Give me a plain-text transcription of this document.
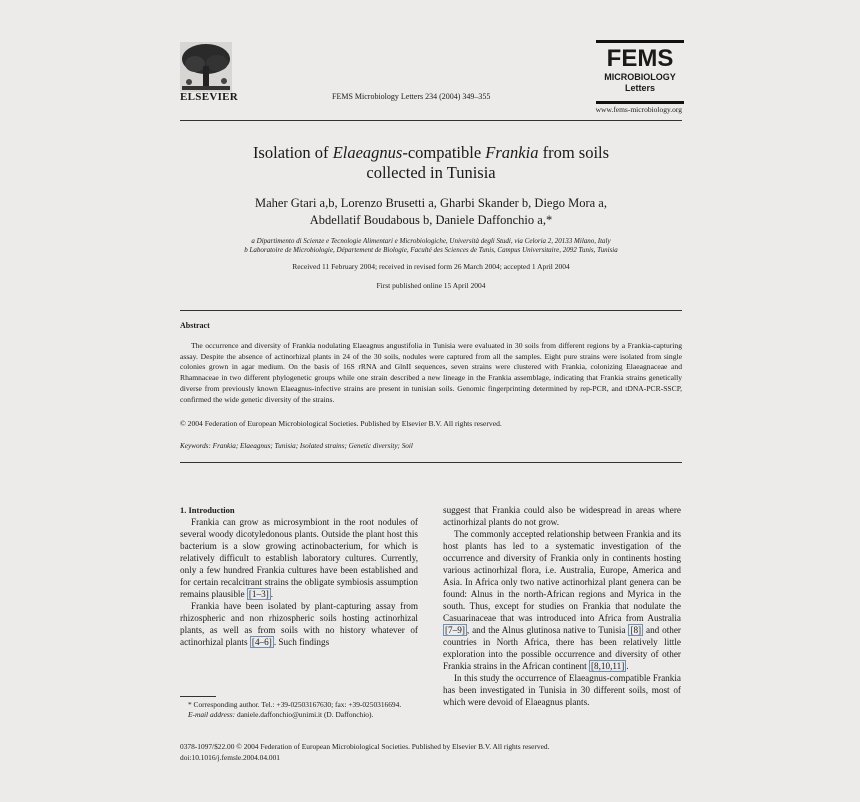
ELSEVIER	FEMS Microbiology Letters 234 (2004) 349–355
FEMS
MICROBIOLOGY
Letters
www.fems-microbiology.org
Isolation of Elaeagnus-compatible Frankia from soils
collected in Tunisia
Maher Gtari a,b, Lorenzo Brusetti a, Gharbi Skander b, Diego Mora a,
Abdellatif Boudabous b, Daniele Daffonchio a,*
a Dipartimento di Scienze e Tecnologie Alimentari e Microbiologiche, Università degli Studi, via Celoria 2, 20133 Milano, Italy
b Laboratoire de Microbiologie, Département de Biologie, Faculté des Sciences de Tunis, Campus Universitaire, 2092 Tunis, Tunisia
Received 11 February 2004; received in revised form 26 March 2004; accepted 1 April 2004
First published online 15 April 2004
Abstract

The occurrence and diversity of Frankia nodulating Elaeagnus angustifolia in Tunisia were evaluated in 30 soils from different regions by a Frankia-capturing assay. Despite the absence of actinorhizal plants in 24 of the 30 soils, nodules were captured from all the samples. Eight pure strains were isolated from single colonies grown in agar medium. On the basis of 16S rRNA and GlnII sequences, seven strains were clustered with Frankia, colonizing Elaeagnaceae and Rhamnaceae in two different phylogenetic groups while one strain described a new lineage in the Frankia assemblage, indicating that Frankia strains genetically diverse from previously known Elaeagnus-infective strains are present in tunisian soils. Genomic fingerprinting determined by rep-PCR, and tDNA-PCR-SSCP, confirmed the wide genetic diversity of the strains.

© 2004 Federation of European Microbiological Societies. Published by Elsevier B.V. All rights reserved.
Keywords: Frankia; Elaeagnus; Tunisia; Isolated strains; Genetic diversity; Soil

1. Introduction

Frankia can grow as microsymbiont in the root nodules of several woody dicotyledonous plants. Outside the plant host this bacterium is a slow growing actinobacterium, for which is relatively difficult to establish laboratory cultures. Currently, only a few hundred Frankia cultures have been established and for certain recalcitrant strains the obligate symbiosis assumption remains plausible [1–3] .

Frankia have been isolated by plant-capturing assay from rhizospheric and non rhizospheric soils hosting actinorhizal plants, as well as from soils with no history whatever of actinorhizal plants [4–6] . Such findings

suggest that Frankia could also be widespread in areas where actinorhizal plants do not grow.

The commonly accepted relationship between Frankia and its host plants has led to a systematic investigation of the occurrence and diversity of Frankia only in continents hosting various actinorhizal flora, i.e. Australia, Europe, America and Asia. In Africa only two native actinorhizal plant genera can be found: Alnus in the north-African regions and Myrica in the south. Thus, except for studies on Frankia that nodulate the Casuarinaceae that was introduced into Africa from Australia [7–9] , and the Alnus glutinosa native to Tunisia [8] and other countries in North Africa, there has been relatively little exploration into the possible occurrence and diversity of other Frankia strains in the African continent [8,10,11] .

In this study the occurrence of Elaeagnus-compatible Frankia has been investigated in Tunisia in 30 different soils, most of which were devoid of Elaeagnus plants.

* Corresponding author. Tel.: +39-02503167630; fax: +39-0250316694.

E-mail address: daniele.daffonchio@unimi.it (D. Daffonchio).

0378-1097/$22.00 © 2004 Federation of European Microbiological Societies. Published by Elsevier B.V. All rights reserved.
doi:10.1016/j.femsle.2004.04.001
